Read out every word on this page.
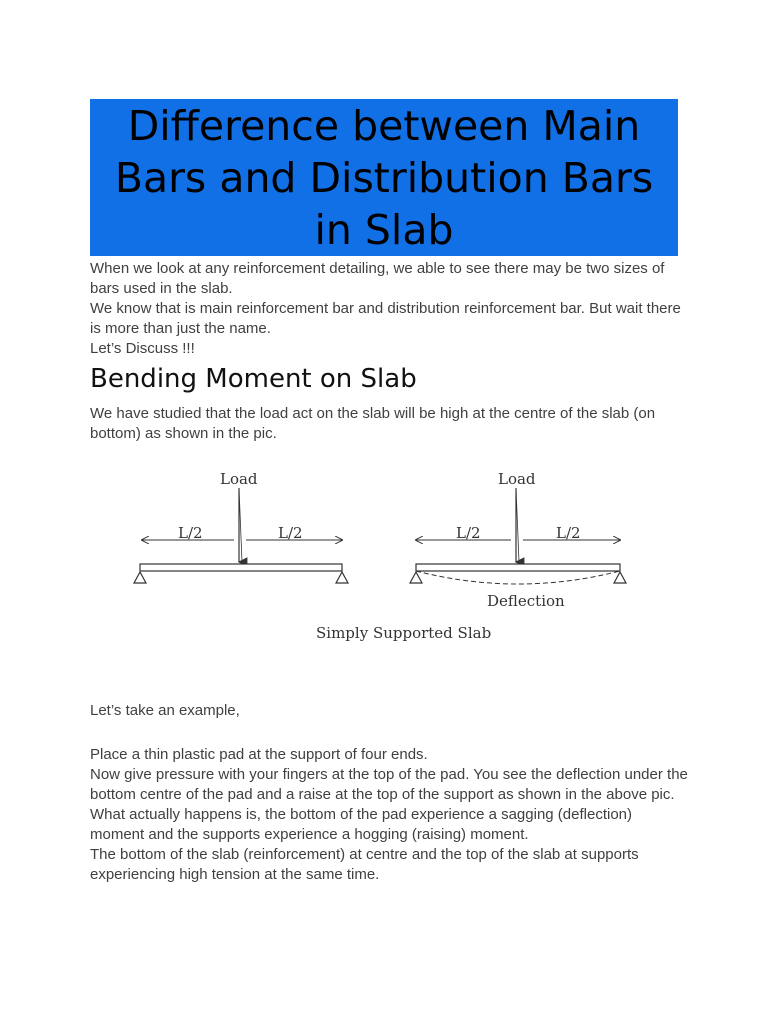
Difference between Main Bars and Distribution Bars in Slab
When we look at any reinforcement detailing, we able to see there may be two sizes of bars used in the slab.
We know that is main reinforcement bar and distribution reinforcement bar. But wait there is more than just the name.
Let’s Discuss !!!
Bending Moment on Slab
We have studied that the load act on the slab will be high at the centre of the slab (on bottom) as shown in the pic.
Load
L/2	L/2
Load
L/2	L/2
Deflection
Simply Supported Slab
Let’s take an example,
Place a thin plastic pad at the support of four ends.
Now give pressure with your fingers at the top of the pad. You see the deflection under the bottom centre of the pad and a raise at the top of the support as shown in the above pic.
What actually happens is, the bottom of the pad experience a sagging (deflection) moment and the supports experience a hogging (raising) moment.
The bottom of the slab (reinforcement) at centre and the top of the slab at supports experiencing high tension at the same time.
